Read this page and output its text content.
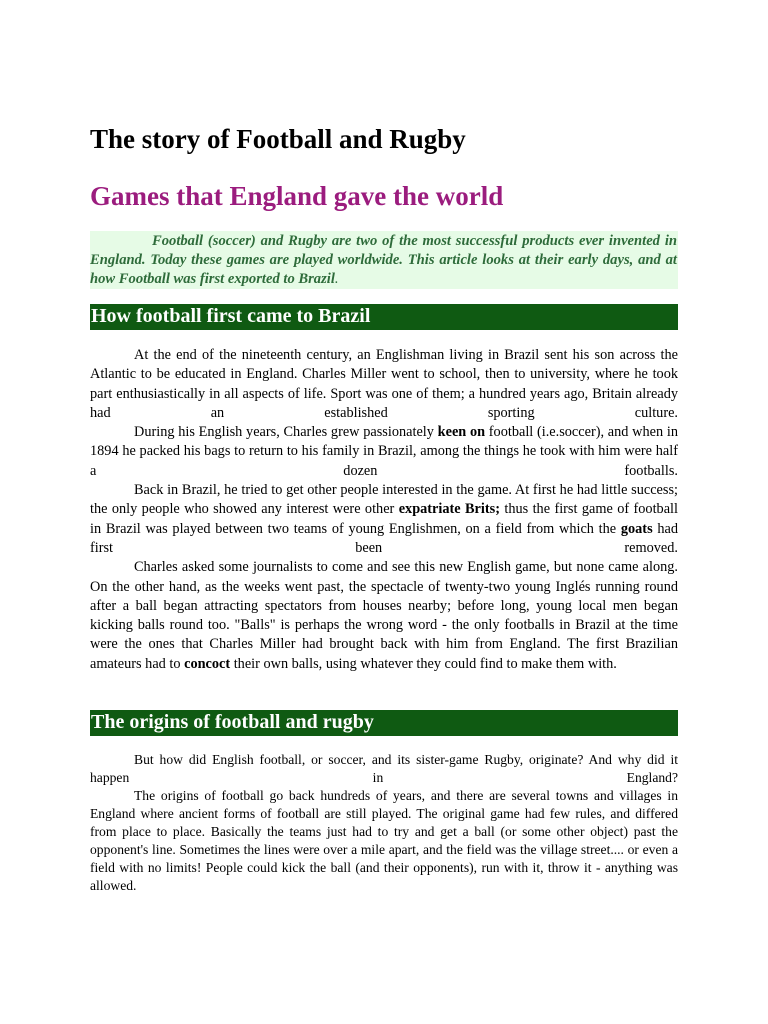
The story of Football and Rugby
Games that England gave the world

Football (soccer) and Rugby are two of the most successful products ever invented in England. Today these games are played worldwide. This article looks at their early days, and at how Football was first exported to Brazil.

How football first came to Brazil

At the end of the nineteenth century, an Englishman living in Brazil sent his son across the Atlantic to be educated in England. Charles Miller went to school, then to university, where he took part enthusiastically in all aspects of life. Sport was one of them; a hundred years ago, Britain already had an established sporting culture.

During his English years, Charles grew passionately keen on football (i.e.soccer), and when in 1894 he packed his bags to return to his family in Brazil, among the things he took with him were half a dozen footballs.

Back in Brazil, he tried to get other people interested in the game. At first he had little success; the only people who showed any interest were other expatriate Brits; thus the first game of football in Brazil was played between two teams of young Englishmen, on a field from which the goats had first been removed.

Charles asked some journalists to come and see this new English game, but none came along. On the other hand, as the weeks went past, the spectacle of twenty-two young Inglés running round after a ball began attracting spectators from houses nearby; before long, young local men began kicking balls round too. "Balls" is perhaps the wrong word - the only footballs in Brazil at the time were the ones that Charles Miller had brought back with him from England. The first Brazilian amateurs had to concoct their own balls, using whatever they could find to make them with.

The origins of football and rugby

But how did English football, or soccer, and its sister-game Rugby, originate? And why did it happen in England?

The origins of football go back hundreds of years, and there are several towns and villages in England where ancient forms of football are still played. The original game had few rules, and differed from place to place. Basically the teams just had to try and get a ball (or some other object) past the opponent's line. Sometimes the lines were over a mile apart, and the field was the village street.... or even a field with no limits! People could kick the ball (and their opponents), run with it, throw it - anything was allowed.
